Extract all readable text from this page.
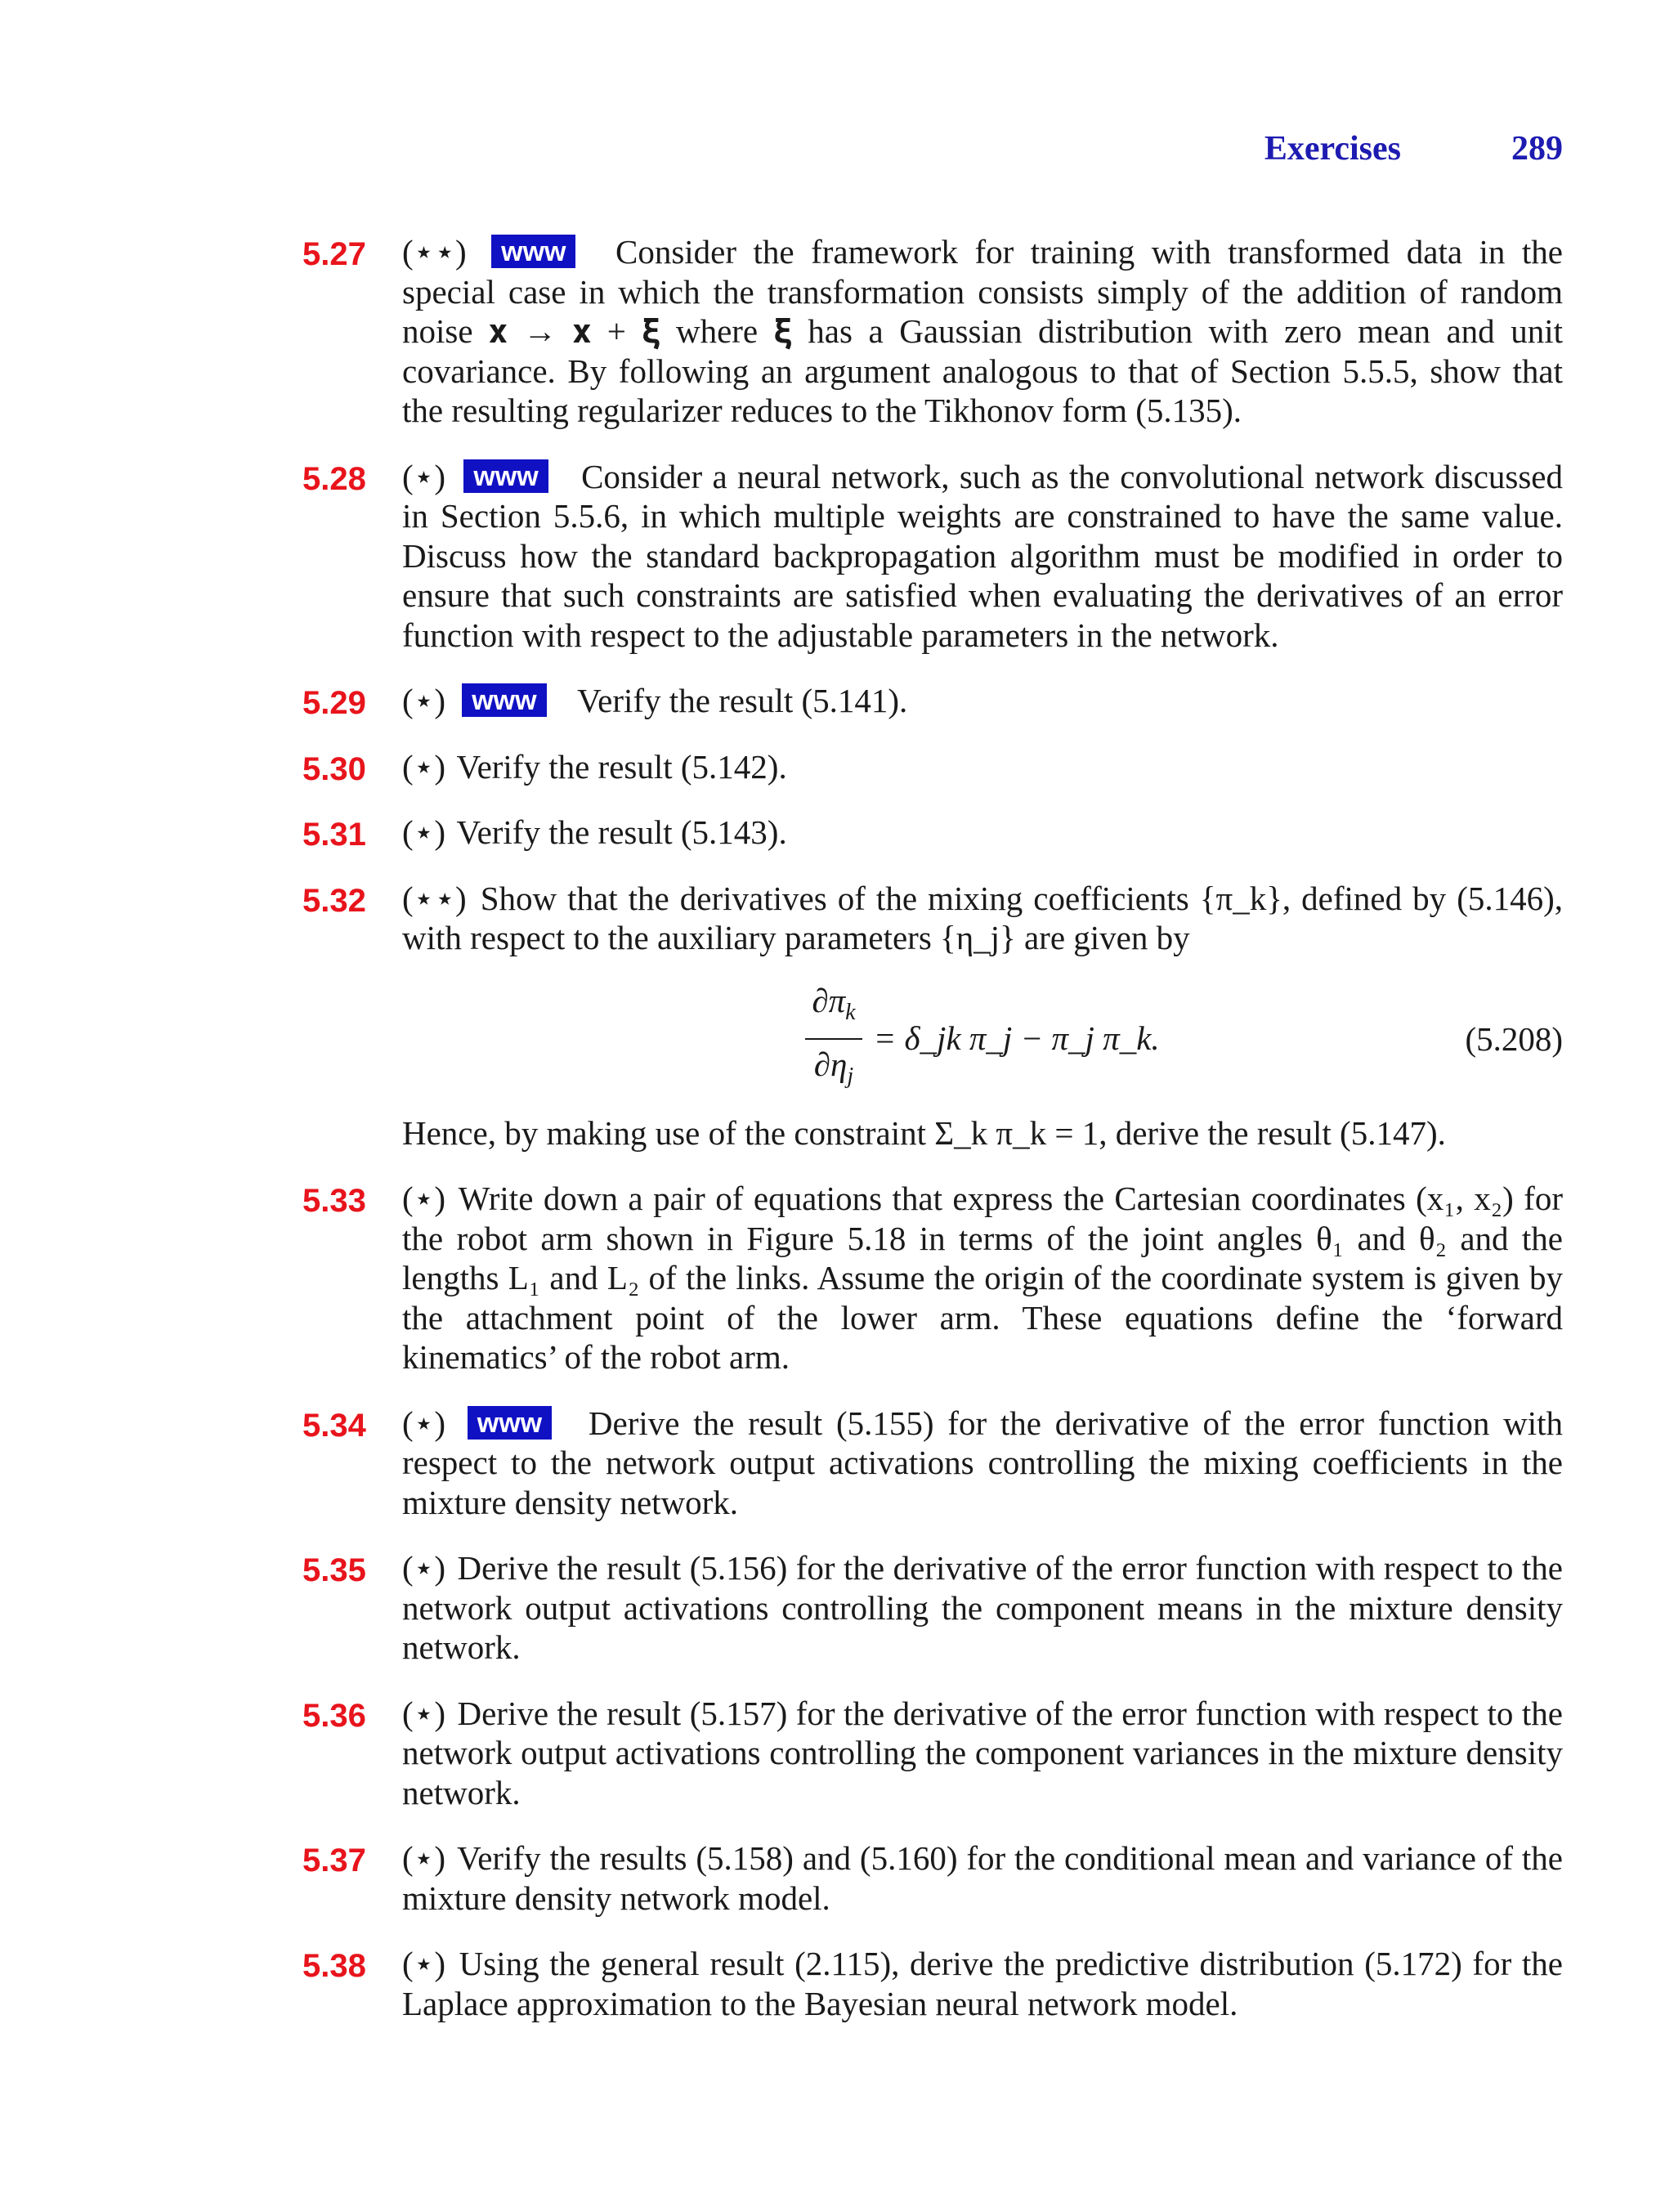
Exercises	289
5.27 (⋆⋆) www Consider the framework for training with transformed data in the special case in which the transformation consists simply of the addition of random noise 𝐱 → 𝐱 + 𝛏 where 𝛏 has a Gaussian distribution with zero mean and unit covariance. By following an argument analogous to that of Section 5.5.5, show that the resulting regularizer reduces to the Tikhonov form (5.135).
5.28 (⋆) www Consider a neural network, such as the convolutional network discussed in Section 5.5.6, in which multiple weights are constrained to have the same value. Discuss how the standard backpropagation algorithm must be modified in order to ensure that such constraints are satisfied when evaluating the derivatives of an error function with respect to the adjustable parameters in the network.
5.29 (⋆) www Verify the result (5.141).
5.30 (⋆) Verify the result (5.142).
5.31 (⋆) Verify the result (5.143).
5.32 (⋆⋆) Show that the derivatives of the mixing coefficients {π_k}, defined by (5.146), with respect to the auxiliary parameters {η_j} are given by
$\frac{\partial\pi_k}{\partial\eta_j}$ = δ_jk π_j − π_j π_k.	(5.208)
Hence, by making use of the constraint Σ_k π_k = 1, derive the result (5.147).
5.33 (⋆) Write down a pair of equations that express the Cartesian coordinates (x₁, x₂) for the robot arm shown in Figure 5.18 in terms of the joint angles θ₁ and θ₂ and the lengths L₁ and L₂ of the links. Assume the origin of the coordinate system is given by the attachment point of the lower arm. These equations define the ‘forward kinematics’ of the robot arm.
5.34 (⋆) www Derive the result (5.155) for the derivative of the error function with respect to the network output activations controlling the mixing coefficients in the mixture density network.
5.35 (⋆) Derive the result (5.156) for the derivative of the error function with respect to the network output activations controlling the component means in the mixture density network.
5.36 (⋆) Derive the result (5.157) for the derivative of the error function with respect to the network output activations controlling the component variances in the mixture density network.
5.37 (⋆) Verify the results (5.158) and (5.160) for the conditional mean and variance of the mixture density network model.
5.38 (⋆) Using the general result (2.115), derive the predictive distribution (5.172) for the Laplace approximation to the Bayesian neural network model.
